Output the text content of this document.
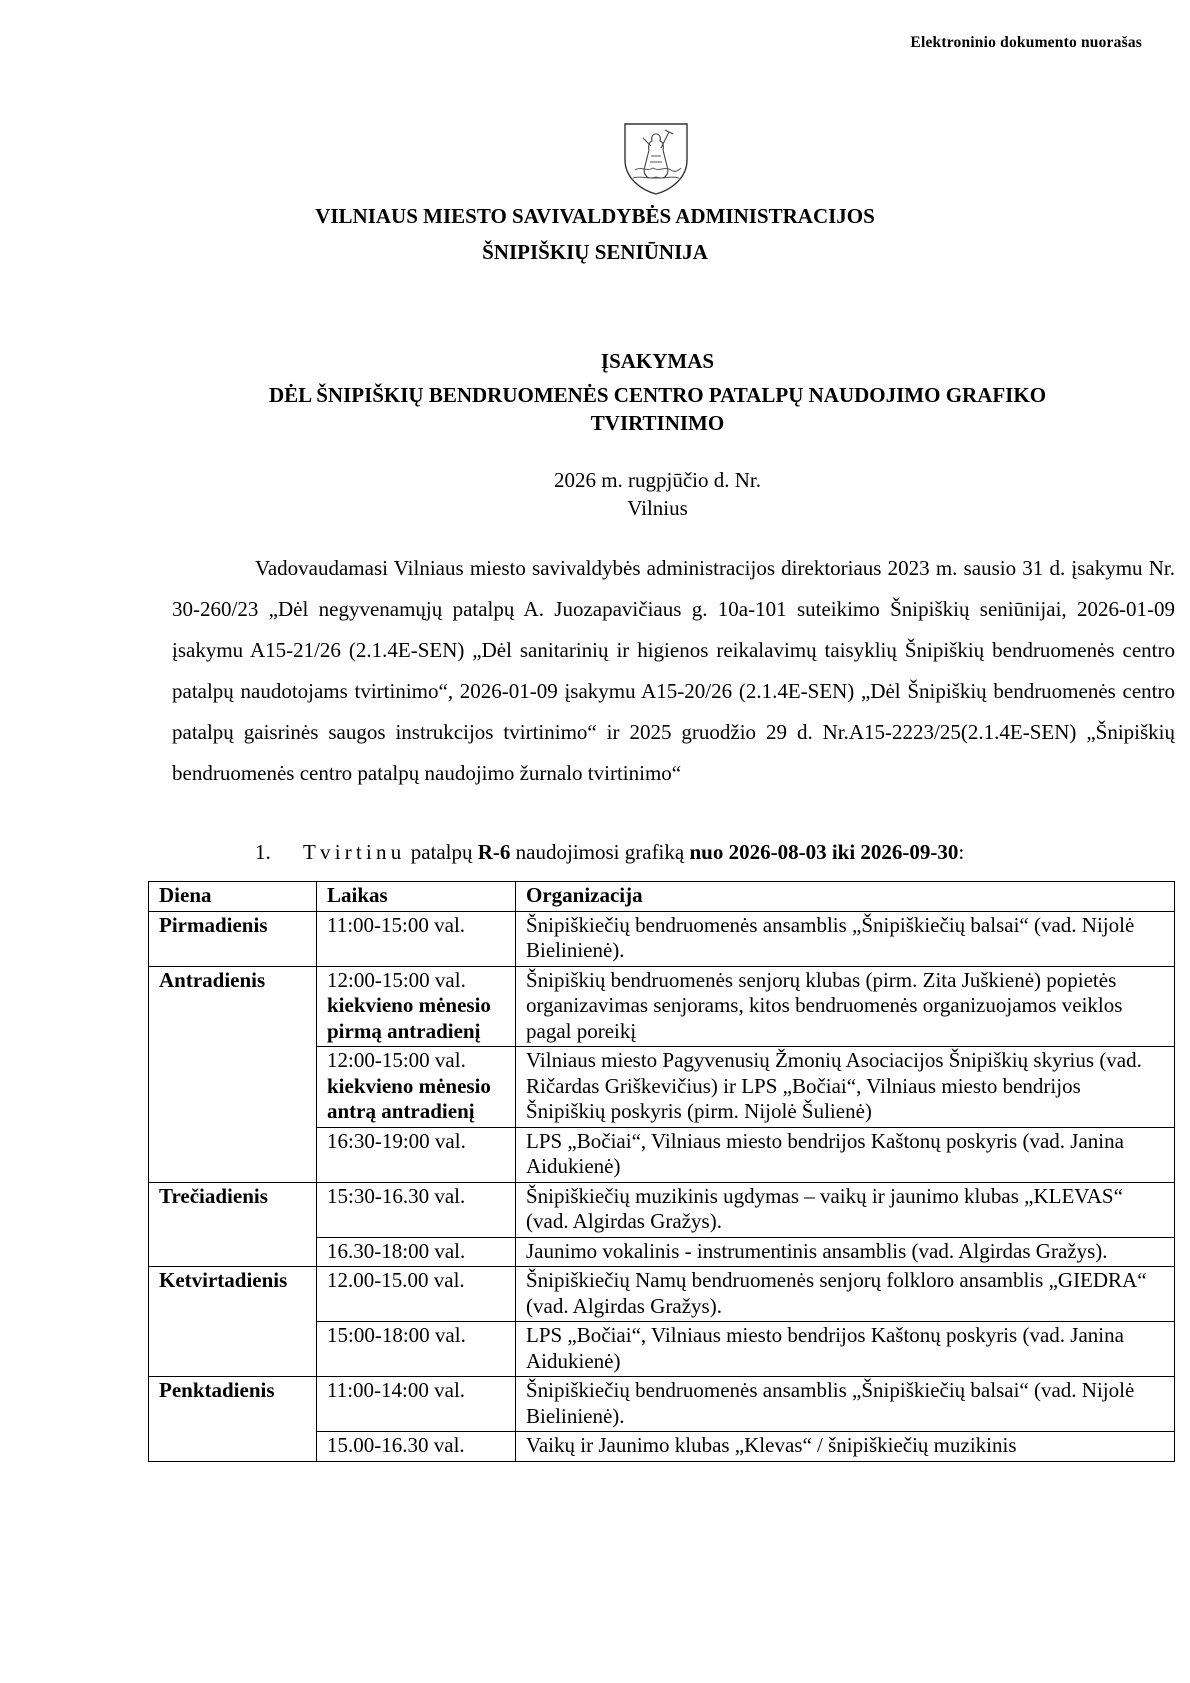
Elektroninio dokumento nuorašas
VILNIAUS MIESTO SAVIVALDYBĖS ADMINISTRACIJOS
ŠNIPIŠKIŲ SENIŪNIJA
ĮSAKYMAS
DĖL ŠNIPIŠKIŲ BENDRUOMENĖS CENTRO PATALPŲ NAUDOJIMO GRAFIKO
TVIRTINIMO
2026 m. rugpjūčio d. Nr.
Vilnius

Vadovaudamasi Vilniaus miesto savivaldybės administracijos direktoriaus 2023 m. sausio 31 d. įsakymu Nr. 30-260/23 „Dėl negyvenamųjų patalpų A. Juozapavičiaus g. 10a-101 suteikimo Šnipiškių seniūnijai, 2026-01-09 įsakymu A15-21/26 (2.1.4E-SEN) „Dėl sanitarinių ir higienos reikalavimų taisyklių Šnipiškių bendruomenės centro patalpų naudotojams tvirtinimo“, 2026-01-09 įsakymu A15-20/26 (2.1.4E-SEN) „Dėl Šnipiškių bendruomenės centro patalpų gaisrinės saugos instrukcijos tvirtinimo“ ir 2025 gruodžio 29 d. Nr.A15-2223/25(2.1.4E-SEN) „Šnipiškių bendruomenės centro patalpų naudojimo žurnalo tvirtinimo“

1. Tvirtinu patalpų R-6 naudojimosi grafiką nuo 2026-08-03 iki 2026-09-30:
Diena	Laikas	Organizacija
Pirmadienis	11:00-15:00 val.	Šnipiškiečių bendruomenės ansamblis „Šnipiškiečių balsai“ (vad. Nijolė Bielinienė).
Antradienis	12:00-15:00 val.
kiekvieno mėnesio pirmą antradienį	Šnipiškių bendruomenės senjorų klubas (pirm. Zita Juškienė) popietės organizavimas senjorams, kitos bendruomenės organizuojamos veiklos pagal poreikį

	12:00-15:00 val.
kiekvieno mėnesio antrą antradienį	Vilniaus miesto Pagyvenusių Žmonių Asociacijos Šnipiškių skyrius (vad. Ričardas Griškevičius) ir LPS „Bočiai“, Vilniaus miesto bendrijos Šnipiškių poskyris (pirm. Nijolė Šulienė)

	16:30-19:00 val.	LPS „Bočiai“, Vilniaus miesto bendrijos Kaštonų poskyris (vad. Janina Aidukienė)
Trečiadienis	15:30-16.30 val.	Šnipiškiečių muzikinis ugdymas – vaikų ir jaunimo klubas „KLEVAS“ (vad. Algirdas Gražys).

	16.30-18:00 val.	Jaunimo vokalinis - instrumentinis ansamblis (vad. Algirdas Gražys).
Ketvirtadienis	12.00-15.00 val.	Šnipiškiečių Namų bendruomenės senjorų folkloro ansamblis „GIEDRA“ (vad. Algirdas Gražys).

	15:00-18:00 val.	LPS „Bočiai“, Vilniaus miesto bendrijos Kaštonų poskyris (vad. Janina Aidukienė)
Penktadienis	11:00-14:00 val.	Šnipiškiečių bendruomenės ansamblis „Šnipiškiečių balsai“ (vad. Nijolė Bielinienė).

	15.00-16.30 val.	Vaikų ir Jaunimo klubas „Klevas“ / šnipiškiečių muzikinis
